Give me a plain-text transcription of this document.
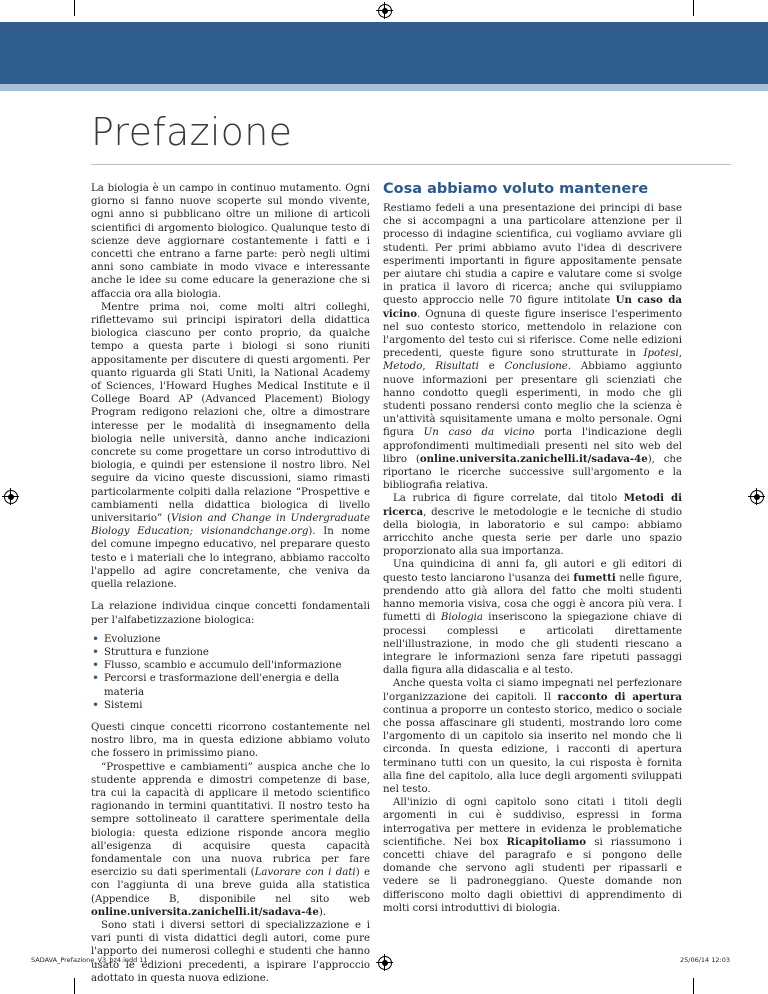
Prefazione

La biologia è un campo in continuo mutamento. Ogni giorno si fanno nuove scoperte sul mondo vivente, ogni anno si pubblicano oltre un milione di articoli scientifici di argomento biologico. Qualunque testo di scienze deve aggiornare costantemente i fatti e i concetti che entrano a farne parte: però negli ultimi anni sono cambiate in modo vivace e interessante anche le idee su come educare la generazione che si affaccia ora alla biologia.

Mentre prima noi, come molti altri colleghi, riflettevamo sui principi ispiratori della didattica biologica ciascuno per conto proprio, da qualche tempo a questa parte i biologi si sono riuniti appositamente per discutere di questi argomenti. Per quanto riguarda gli Stati Uniti, la National Academy of Sciences, l'Howard Hughes Medical Institute e il College Board AP (Advanced Placement) Biology Program redigono relazioni che, oltre a dimostrare interesse per le modalità di insegnamento della biologia nelle università, danno anche indicazioni concrete su come progettare un corso introduttivo di biologia, e quindi per estensione il nostro libro. Nel seguire da vicino queste discussioni, siamo rimasti particolarmente colpiti dalla relazione “Prospettive e cambiamenti nella didattica biologica di livello universitario” (Vision and Change in Undergraduate Biology Education; visionandchange.org). In nome del comune impegno educativo, nel preparare questo testo e i materiali che lo integrano, abbiamo raccolto l'appello ad agire concretamente, che veniva da quella relazione.

La relazione individua cinque concetti fondamentali per l'alfabetizzazione biologica:

• Evoluzione
• Struttura e funzione
• Flusso, scambio e accumulo dell'informazione
• Percorsi e trasformazione dell'energia e della materia
• Sistemi

Questi cinque concetti ricorrono costantemente nel nostro libro, ma in questa edizione abbiamo voluto che fossero in primissimo piano.

“Prospettive e cambiamenti” auspica anche che lo studente apprenda e dimostri competenze di base, tra cui la capacità di applicare il metodo scientifico ragionando in termini quantitativi. Il nostro testo ha sempre sottolineato il carattere sperimentale della biologia: questa edizione risponde ancora meglio all'esigenza di acquisire questa capacità fondamentale con una nuova rubrica per fare esercizio su dati sperimentali (Lavorare con i dati) e con l'aggiunta di una breve guida alla statistica (Appendice B, disponibile nel sito web online.universita.zanichelli.it/sadava-4e).

Sono stati i diversi settori di specializzazione e i vari punti di vista didattici degli autori, come pure l'apporto dei numerosi colleghi e studenti che hanno usato le edizioni precedenti, a ispirare l'approccio adottato in questa nuova edizione.

Cosa abbiamo voluto mantenere

Restiamo fedeli a una presentazione dei principi di base che si accompagni a una particolare attenzione per il processo di indagine scientifica, cui vogliamo avviare gli studenti. Per primi abbiamo avuto l'idea di descrivere esperimenti importanti in figure appositamente pensate per aiutare chi studia a capire e valutare come si svolge in pratica il lavoro di ricerca; anche qui sviluppiamo questo approccio nelle 70 figure intitolate Un caso da vicino. Ognuna di queste figure inserisce l'esperimento nel suo contesto storico, mettendolo in relazione con l'argomento del testo cui si riferisce. Come nelle edizioni precedenti, queste figure sono strutturate in Ipotesi, Metodo, Risultati e Conclusione. Abbiamo aggiunto nuove informazioni per presentare gli scienziati che hanno condotto quegli esperimenti, in modo che gli studenti possano rendersi conto meglio che la scienza è un'attività squisitamente umana e molto personale. Ogni figura Un caso da vicino porta l'indicazione degli approfondimenti multimediali presenti nel sito web del libro (online.universita.zanichelli.it/sadava-4e), che riportano le ricerche successive sull'argomento e la bibliografia relativa.

La rubrica di figure correlate, dal titolo Metodi di ricerca, descrive le metodologie e le tecniche di studio della biologia, in laboratorio e sul campo: abbiamo arricchito anche questa serie per darle uno spazio proporzionato alla sua importanza.

Una quindicina di anni fa, gli autori e gli editori di questo testo lanciarono l'usanza dei fumetti nelle figure, prendendo atto già allora del fatto che molti studenti hanno memoria visiva, cosa che oggi è ancora più vera. I fumetti di Biologia inseriscono la spiegazione chiave di processi complessi e articolati direttamente nell'illustrazione, in modo che gli studenti riescano a integrare le informazioni senza fare ripetuti passaggi dalla figura alla didascalia e al testo.

Anche questa volta ci siamo impegnati nel perfezionare l'organizzazione dei capitoli. Il racconto di apertura continua a proporre un contesto storico, medico o sociale che possa affascinare gli studenti, mostrando loro come l'argomento di un capitolo sia inserito nel mondo che li circonda. In questa edizione, i racconti di apertura terminano tutti con un quesito, la cui risposta è fornita alla fine del capitolo, alla luce degli argomenti sviluppati nel testo.

All'inizio di ogni capitolo sono citati i titoli degli argomenti in cui è suddiviso, espressi in forma interrogativa per mettere in evidenza le problematiche scientifiche. Nei box Ricapitoliamo si riassumono i concetti chiave del paragrafo e si pongono delle domande che servono agli studenti per ripassarli e vedere se li padroneggiano. Queste domande non differiscono molto dagli obiettivi di apprendimento di molti corsi introduttivi di biologia.

SADAVA_Prefazione_V3_bz4.indd 11	25/06/14 12:03
